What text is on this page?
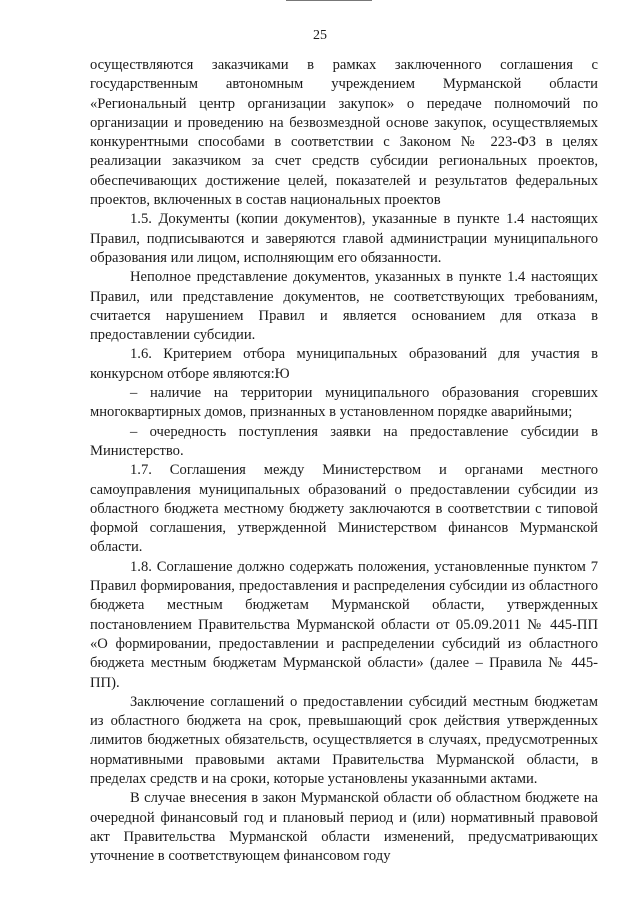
25

осуществляются заказчиками в рамках заключенного соглашения с государственным автономным учреждением Мурманской области «Региональный центр организации закупок» о передаче полномочий по организации и проведению на безвозмездной основе закупок, осуществляемых конкурентными способами в соответствии с Законом № 223-ФЗ в целях реализации заказчиком за счет средств субсидии региональных проектов, обеспечивающих достижение целей, показателей и результатов федеральных проектов, включенных в состав национальных проектов

1.5. Документы (копии документов), указанные в пункте 1.4 настоящих Правил, подписываются и заверяются главой администрации муниципального образования или лицом, исполняющим его обязанности.

Неполное представление документов, указанных в пункте 1.4 настоящих Правил, или представление документов, не соответствующих требованиям, считается нарушением Правил и является основанием для отказа в предоставлении субсидии.

1.6. Критерием отбора муниципальных образований для участия в конкурсном отборе являются:Ю

– наличие на территории муниципального образования сгоревших многоквартирных домов, признанных в установленном порядке аварийными;

– очередность поступления заявки на предоставление субсидии в Министерство.

1.7. Соглашения между Министерством и органами местного самоуправления муниципальных образований о предоставлении субсидии из областного бюджета местному бюджету заключаются в соответствии с типовой формой соглашения, утвержденной Министерством финансов Мурманской области.

1.8. Соглашение должно содержать положения, установленные пунктом 7 Правил формирования, предоставления и распределения субсидии из областного бюджета местным бюджетам Мурманской области, утвержденных постановлением Правительства Мурманской области от 05.09.2011 № 445-ПП «О формировании, предоставлении и распределении субсидий из областного бюджета местным бюджетам Мурманской области» (далее – Правила № 445-ПП).

Заключение соглашений о предоставлении субсидий местным бюджетам из областного бюджета на срок, превышающий срок действия утвержденных лимитов бюджетных обязательств, осуществляется в случаях, предусмотренных нормативными правовыми актами Правительства Мурманской области, в пределах средств и на сроки, которые установлены указанными актами.

В случае внесения в закон Мурманской области об областном бюджете на очередной финансовый год и плановый период и (или) нормативный правовой акт Правительства Мурманской области изменений, предусматривающих уточнение в соответствующем финансовом году
